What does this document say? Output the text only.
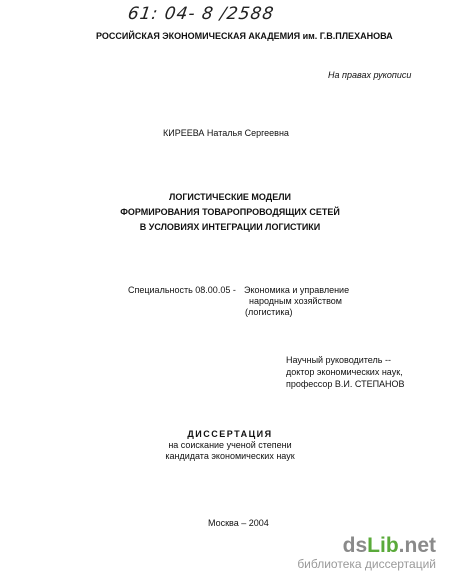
61: 04- 8 /2588
РОССИЙСКАЯ ЭКОНОМИЧЕСКАЯ АКАДЕМИЯ им. Г.В.ПЛЕХАНОВА
На правах рукописи
КИРЕЕВА Наталья Сергеевна
ЛОГИСТИЧЕСКИЕ МОДЕЛИ
ФОРМИРОВАНИЯ ТОВАРОПРОВОДЯЩИХ СЕТЕЙ
В УСЛОВИЯХ ИНТЕГРАЦИИ ЛОГИСТИКИ
Специальность 08.00.05 - Экономика и управление
народным хозяйством
(логистика)
Научный руководитель --
доктор экономических наук,
профессор В.И. СТЕПАНОВ
ДИССЕРТАЦИЯ
на соискание ученой степени
кандидата экономических наук
Москва – 2004
dsLib.net
библиотека диссертаций
